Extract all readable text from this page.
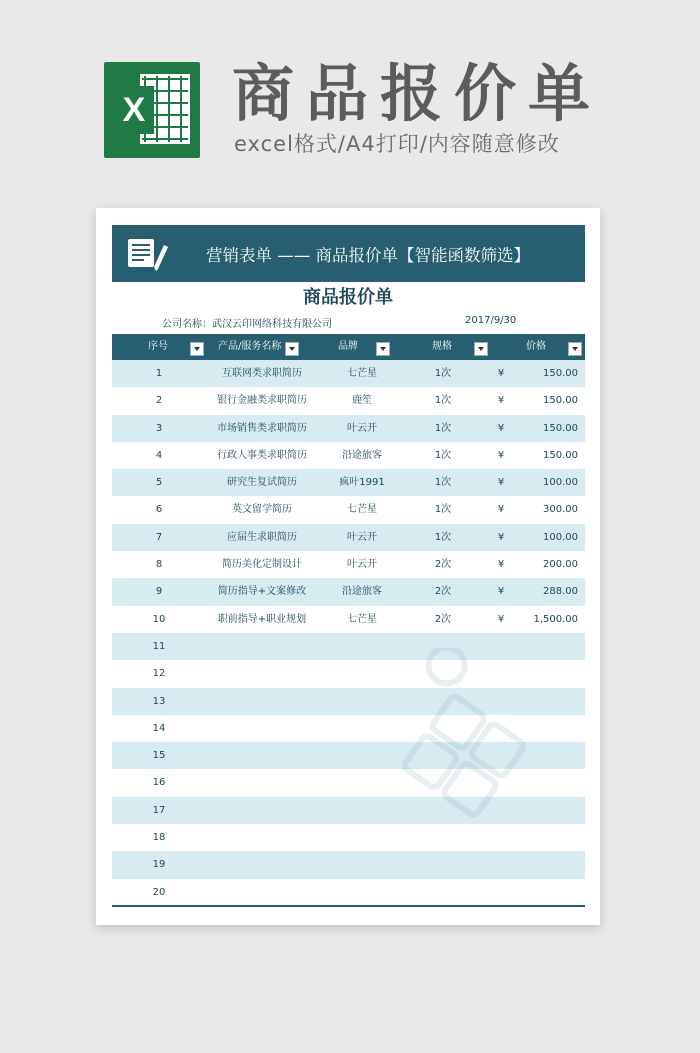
X 商品报价单
excel格式/A4打印/内容随意修改
营销表单 —— 商品报价单【智能函数筛选】
商品报价单
公司名称：武汉云印网络科技有限公司	2017/9/30
序号	产品/服务名称	品牌	规格	价格
1	互联网类求职简历	七芒星	1次	¥	150.00
2	银行金融类求职简历	鹿笙	1次	¥	150.00
3	市场销售类求职简历	叶云开	1次	¥	150.00
4	行政人事类求职简历	沿途旅客	1次	¥	150.00
5	研究生复试简历	疯叶1991	1次	¥	100.00
6	英文留学简历	七芒星	1次	¥	300.00
7	应届生求职简历	叶云开	1次	¥	100.00
8	简历美化定制设计	叶云开	2次	¥	200.00
9	简历指导+文案修改	沿途旅客	2次	¥	288.00
10	职前指导+职业规划	七芒星	2次	¥	1,500.00
11
12
13
14
15
16
17
18
19
20
